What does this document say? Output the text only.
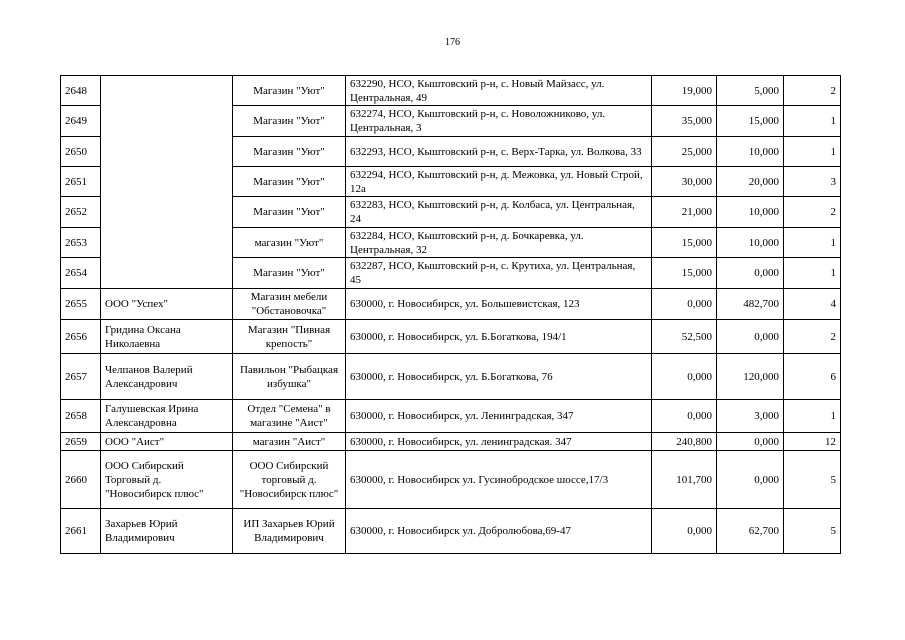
176
2648		Магазин "Уют"	632290, НСО, Кыштовский р-н, с. Новый Майзасс, ул. Центральная, 49	19,000	5,000	2
2649		Магазин "Уют"	632274, НСО, Кыштовский р-н, с. Новоложниково, ул. Центральная, 3	35,000	15,000	1
2650		Магазин "Уют"	632293, НСО, Кыштовский р-н, с. Верх-Тарка, ул. Волкова, 33	25,000	10,000	1
2651		Магазин "Уют"	632294, НСО, Кыштовский р-н, д. Межовка, ул. Новый Строй, 12а	30,000	20,000	3
2652		Магазин "Уют"	632283, НСО, Кыштовский р-н, д. Колбаса, ул. Центральная, 24	21,000	10,000	2
2653		магазин "Уют"	632284, НСО, Кыштовский р-н, д. Бочкаревка, ул. Центральная, 32	15,000	10,000	1
2654		Магазин "Уют"	632287, НСО, Кыштовский р-н, с. Крутиха, ул. Центральная, 45	15,000	0,000	1
2655	ООО "Успех"	Магазин мебели "Обстановочка"	630000, г. Новосибирск, ул. Большевистская, 123	0,000	482,700	4
2656	Гридина Оксана Николаевна	Магазин "Пивная крепость"	630000, г. Новосибирск, ул. Б.Богаткова, 194/1	52,500	0,000	2
2657	Челпанов Валерий Александрович	Павильон "Рыбацкая избушка"	630000, г. Новосибирск, ул. Б.Богаткова, 76	0,000	120,000	6
2658	Галушевская Ирина Александровна	Отдел "Семена" в магазине "Аист"	630000, г. Новосибирск, ул. Ленинградская, 347	0,000	3,000	1
2659	ООО "Аист"	магазин "Аист"	630000, г. Новосибирск, ул. ленинградская. 347	240,800	0,000	12
2660	ООО Сибирский Торговый д. "Новосибирск плюс"	ООО Сибирский торговый д. "Новосибирск плюс"	630000, г. Новосибирск ул. Гусинобродское шоссе,17/3	101,700	0,000	5
2661	Захарьев Юрий Владимирович	ИП Захарьев Юрий Владимирович	630000, г. Новосибирск ул. Добролюбова,69-47	0,000	62,700	5
